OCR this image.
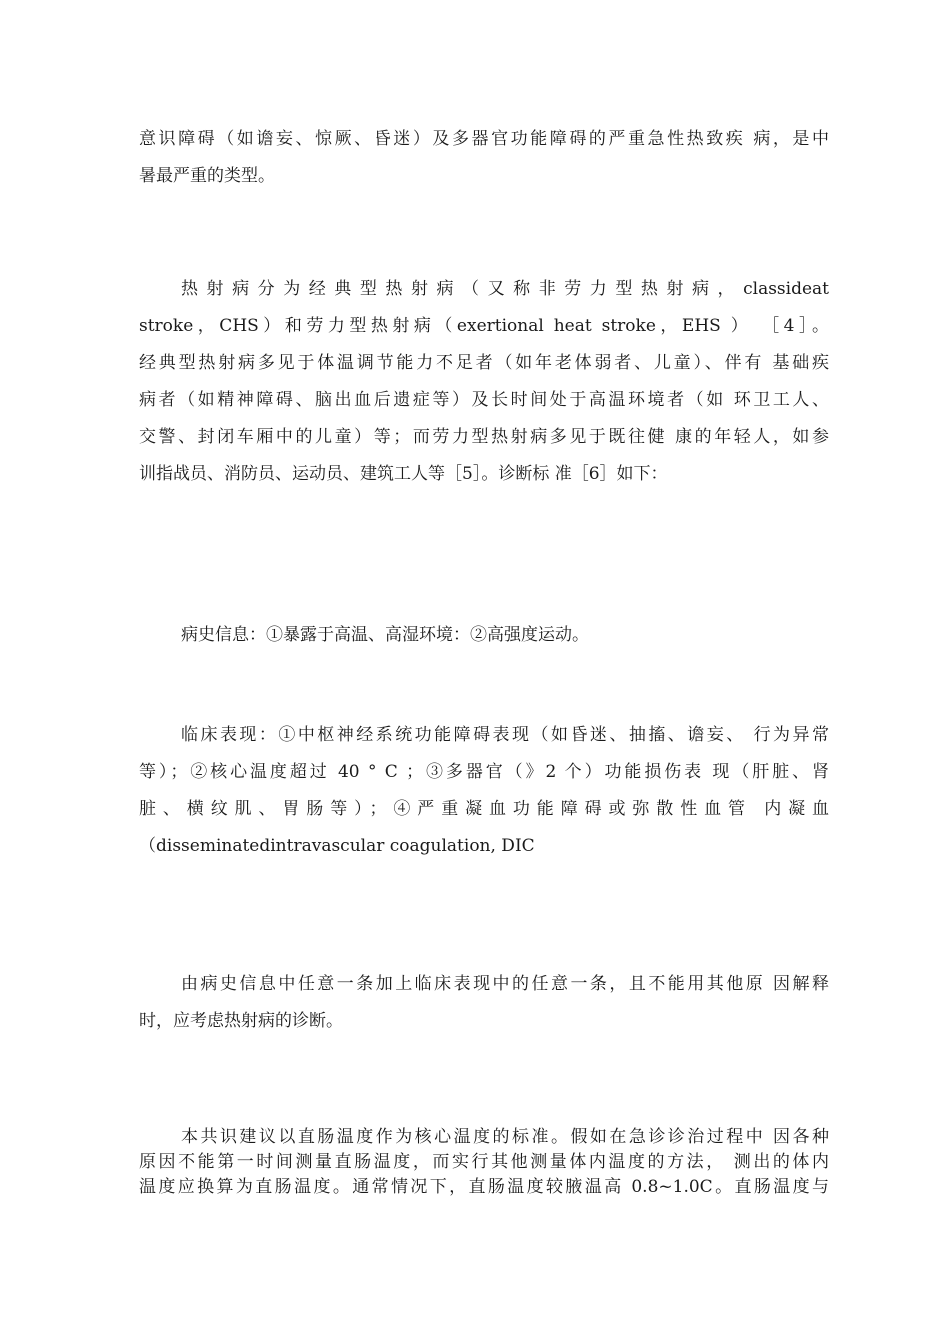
意识障碍（如谵妄、惊厥、昏迷）及多器官功能障碍的严重急性热致疾 病，是中
暑最严重的类型。
热射病分为经典型热射病（又称非劳力型热射病，classideat
stroke，CHS）和劳力型热射病（exertional heat stroke，EHS ） ［4］。
经典型热射病多见于体温调节能力不足者（如年老体弱者、儿童）、伴有 基础疾
病者（如精神障碍、脑出血后遗症等）及长时间处于高温环境者（如 环卫工人、
交警、封闭车厢中的儿童）等；而劳力型热射病多见于既往健 康的年轻人，如参
训指战员、消防员、运动员、建筑工人等［5］。诊断标 准［6］如下：
病史信息：①暴露于高温、高湿环境：②高强度运动。
临床表现：①中枢神经系统功能障碍表现（如昏迷、抽搐、谵妄、 行为异常
等）；②核心温度超过 40 ° C ；③多器官（》2 个）功能损伤表 现（肝脏、肾
脏、横纹肌、胃肠等）；④严重凝血功能障碍或弥散性血管 内凝血
（disseminatedintravascular coagulation, DIC
由病史信息中任意一条加上临床表现中的任意一条，且不能用其他原 因解释
时，应考虑热射病的诊断。
本共识建议以直肠温度作为核心温度的标准。假如在急诊诊治过程中 因各种
原因不能第一时间测量直肠温度，而实行其他测量体内温度的方法， 测出的体内
温度应换算为直肠温度。通常情况下，直肠温度较腋温高 0.8~1.0C。直肠温度与
